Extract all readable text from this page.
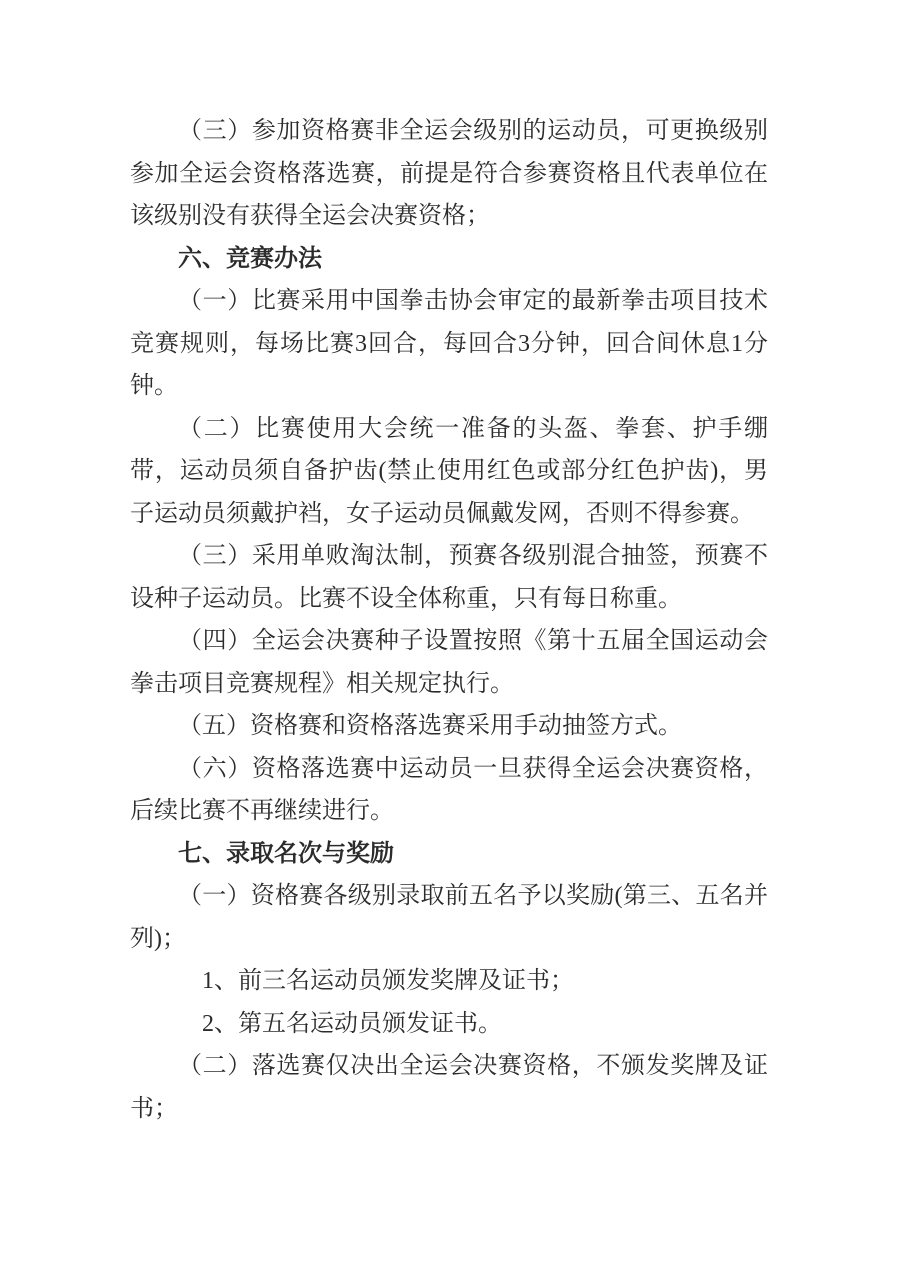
（三）参加资格赛非全运会级别的运动员，可更换级别参加全运会资格落选赛，前提是符合参赛资格且代表单位在该级别没有获得全运会决赛资格；

六、竞赛办法

（一）比赛采用中国拳击协会审定的最新拳击项目技术竞赛规则，每场比赛3回合，每回合3分钟，回合间休息1分钟。

（二）比赛使用大会统一准备的头盔、拳套、护手绷带，运动员须自备护齿(禁止使用红色或部分红色护齿)，男子运动员须戴护裆，女子运动员佩戴发网，否则不得参赛。

（三）采用单败淘汰制，预赛各级别混合抽签，预赛不设种子运动员。比赛不设全体称重，只有每日称重。

（四）全运会决赛种子设置按照《第十五届全国运动会拳击项目竞赛规程》相关规定执行。

（五）资格赛和资格落选赛采用手动抽签方式。

（六）资格落选赛中运动员一旦获得全运会决赛资格，后续比赛不再继续进行。

七、录取名次与奖励

（一）资格赛各级别录取前五名予以奖励(第三、五名并列)；

1、前三名运动员颁发奖牌及证书；

2、第五名运动员颁发证书。

（二）落选赛仅决出全运会决赛资格，不颁发奖牌及证书；
